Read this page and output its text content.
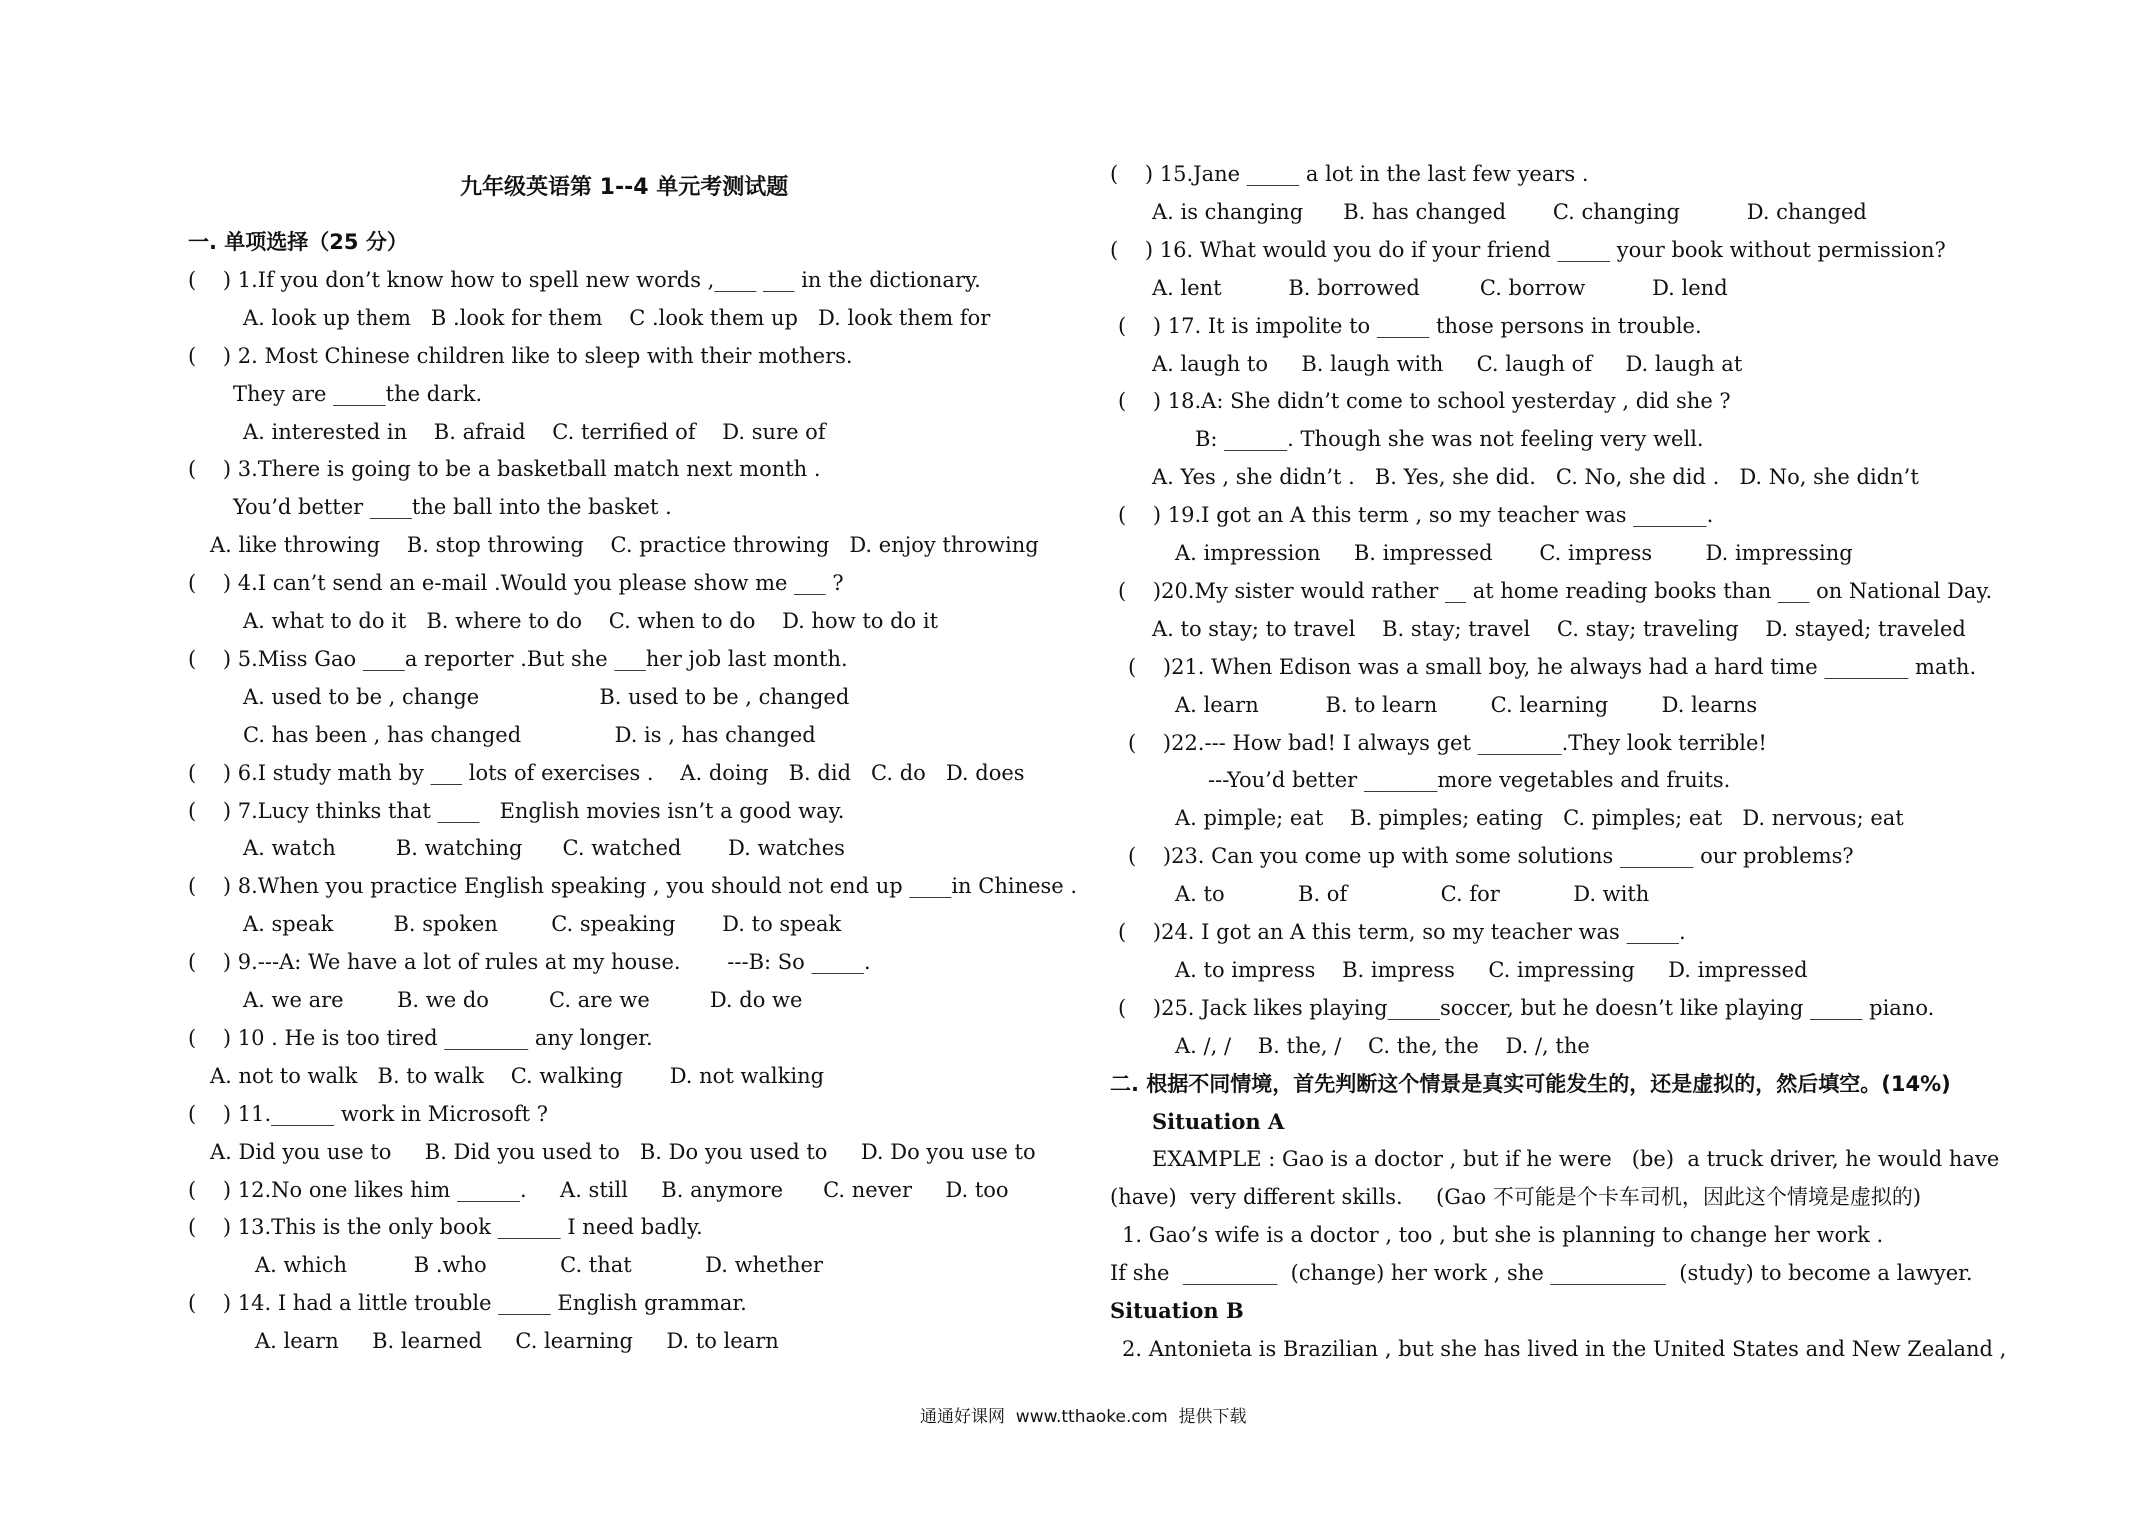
九年级英语第 1--4 单元考测试题
一. 单项选择（25 分）
(    ) 1.If you don’t know how to spell new words ,____ ___ in the dictionary.
A. look up them   B .look for them    C .look them up   D. look them for
(    ) 2. Most Chinese children like to sleep with their mothers.
They are _____the dark.
A. interested in    B. afraid    C. terrified of    D. sure of
(    ) 3.There is going to be a basketball match next month .
You’d better ____the ball into the basket .
A. like throwing    B. stop throwing    C. practice throwing   D. enjoy throwing
(    ) 4.I can’t send an e-mail .Would you please show me ___ ?
A. what to do it   B. where to do    C. when to do    D. how to do it
(    ) 5.Miss Gao ____a reporter .But she ___her job last month.
A. used to be , change                  B. used to be , changed
C. has been , has changed              D. is , has changed
(    ) 6.I study math by ___ lots of exercises .    A. doing   B. did   C. do   D. does
(    ) 7.Lucy thinks that ____   English movies isn’t a good way.
A. watch         B. watching      C. watched       D. watches
(    ) 8.When you practice English speaking , you should not end up ____in Chinese .
A. speak         B. spoken        C. speaking       D. to speak
(    ) 9.---A: We have a lot of rules at my house.       ---B: So _____.
A. we are        B. we do         C. are we         D. do we
(    ) 10 . He is too tired ________ any longer.
A. not to walk   B. to walk    C. walking       D. not walking
(    ) 11.______ work in Microsoft ?
A. Did you use to     B. Did you used to   B. Do you used to     D. Do you use to
(    ) 12.No one likes him ______.     A. still     B. anymore      C. never     D. too
(    ) 13.This is the only book ______ I need badly.
A. which          B .who           C. that           D. whether
(    ) 14. I had a little trouble _____ English grammar.
A. learn     B. learned     C. learning     D. to learn
(    ) 15.Jane _____ a lot in the last few years .
A. is changing      B. has changed       C. changing          D. changed
(    ) 16. What would you do if your friend _____ your book without permission?
A. lent          B. borrowed         C. borrow          D. lend
(    ) 17. It is impolite to _____ those persons in trouble.
A. laugh to     B. laugh with     C. laugh of     D. laugh at
(    ) 18.A: She didn’t come to school yesterday , did she ?
B: ______. Though she was not feeling very well.
A. Yes , she didn’t .   B. Yes, she did.   C. No, she did .   D. No, she didn’t
(    ) 19.I got an A this term , so my teacher was _______.
A. impression     B. impressed       C. impress        D. impressing
(    )20.My sister would rather __ at home reading books than ___ on National Day.
A. to stay; to travel    B. stay; travel    C. stay; traveling    D. stayed; traveled
(    )21. When Edison was a small boy, he always had a hard time ________ math.
A. learn          B. to learn        C. learning        D. learns
(    )22.--- How bad! I always get ________.They look terrible!
---You’d better _______more vegetables and fruits.
A. pimple; eat    B. pimples; eating   C. pimples; eat   D. nervous; eat
(    )23. Can you come up with some solutions _______ our problems?
A. to           B. of              C. for           D. with
(    )24. I got an A this term, so my teacher was _____.
A. to impress    B. impress     C. impressing     D. impressed
(    )25. Jack likes playing_____soccer, but he doesn’t like playing _____ piano.
A. /, /    B. the, /    C. the, the    D. /, the
二. 根据不同情境，首先判断这个情景是真实可能发生的，还是虚拟的，然后填空。(14%)
Situation A
EXAMPLE : Gao is a doctor , but if he were   (be)  a truck driver, he would have
(have)  very different skills.     (Gao 不可能是个卡车司机，因此这个情境是虚拟的)
1. Gao’s wife is a doctor , too , but she is planning to change her work .
If she  _________  (change) her work , she ___________  (study) to become a lawyer.
Situation B
2. Antonieta is Brazilian , but she has lived in the United States and New Zealand ,
通通好课网  www.tthaoke.com  提供下载
